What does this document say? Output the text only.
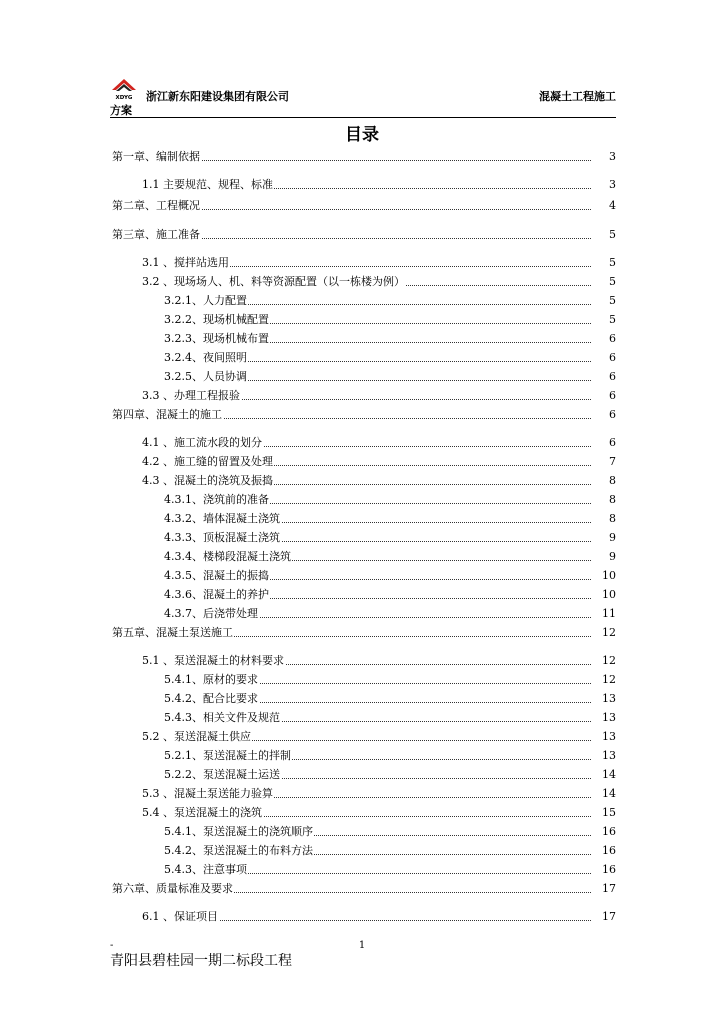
XDYG 浙江新东阳建设集团有限公司	混凝土工程施工
方案
目录
第一章、编制依据	3
1.1 主要规范、规程、标准	3
第二章、工程概况	4
第三章、施工准备	5
3.1 、搅拌站选用	5
3.2 、现场场人、机、料等资源配置（以一栋楼为例）	5
3.2.1、人力配置	5
3.2.2、现场机械配置	5
3.2.3、现场机械布置	6
3.2.4、夜间照明	6
3.2.5、人员协调	6
3.3 、办理工程报验	6
第四章、混凝土的施工	6
4.1 、施工流水段的划分	6
4.2 、施工缝的留置及处理	7
4.3 、混凝土的浇筑及振捣	8
4.3.1、浇筑前的准备	8
4.3.2、墙体混凝土浇筑	8
4.3.3、顶板混凝土浇筑	9
4.3.4、楼梯段混凝土浇筑	9
4.3.5、混凝土的振捣	10
4.3.6、混凝土的养护	10
4.3.7、后浇带处理	11
第五章、混凝土泵送施工	12
5.1 、泵送混凝土的材料要求	12
5.4.1、原材的要求	12
5.4.2、配合比要求	13
5.4.3、相关文件及规范	13
5.2 、泵送混凝土供应	13
5.2.1、泵送混凝土的拌制	13
5.2.2、泵送混凝土运送	14
5.3 、混凝土泵送能力验算	14
5.4 、泵送混凝土的浇筑	15
5.4.1、泵送混凝土的浇筑顺序	16
5.4.2、泵送混凝土的布料方法	16
5.4.3、注意事项	16
第六章、质量标准及要求	17
6.1 、保证项目	17
1
-
青阳县碧桂园一期二标段工程
